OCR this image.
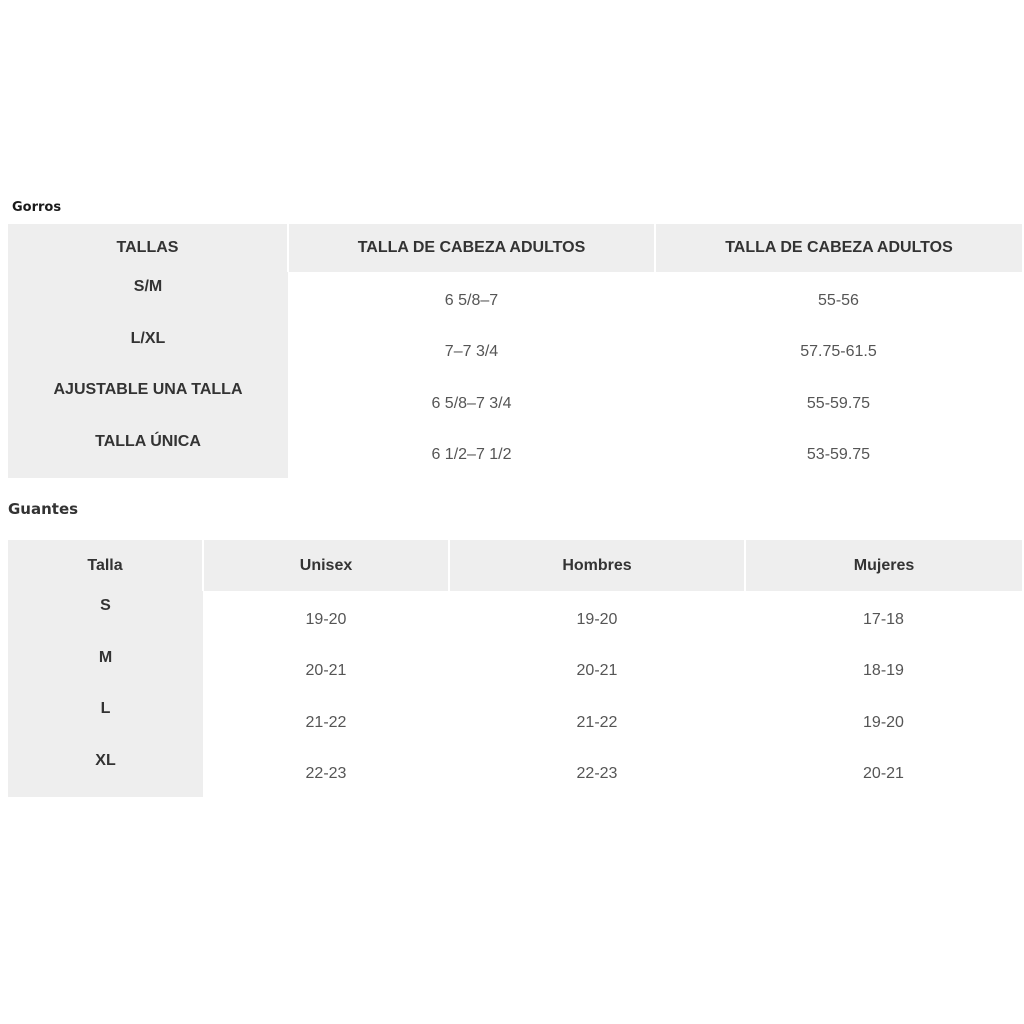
Gorros
TALLAS	TALLA DE CABEZA ADULTOS	TALLA DE CABEZA ADULTOS

S/M	6 5/8–7	55-56

L/XL	7–7 3/4	57.75-61.5

AJUSTABLE UNA TALLA	6 5/8–7 3/4	55-59.75

TALLA ÚNICA	6 1/2–7 1/2	53-59.75
Guantes
Talla	Unisex	Hombres	Mujeres

S	19-20	19-20	17-18

M	20-21	20-21	18-19

L	21-22	21-22	19-20

XL	22-23	22-23	20-21
